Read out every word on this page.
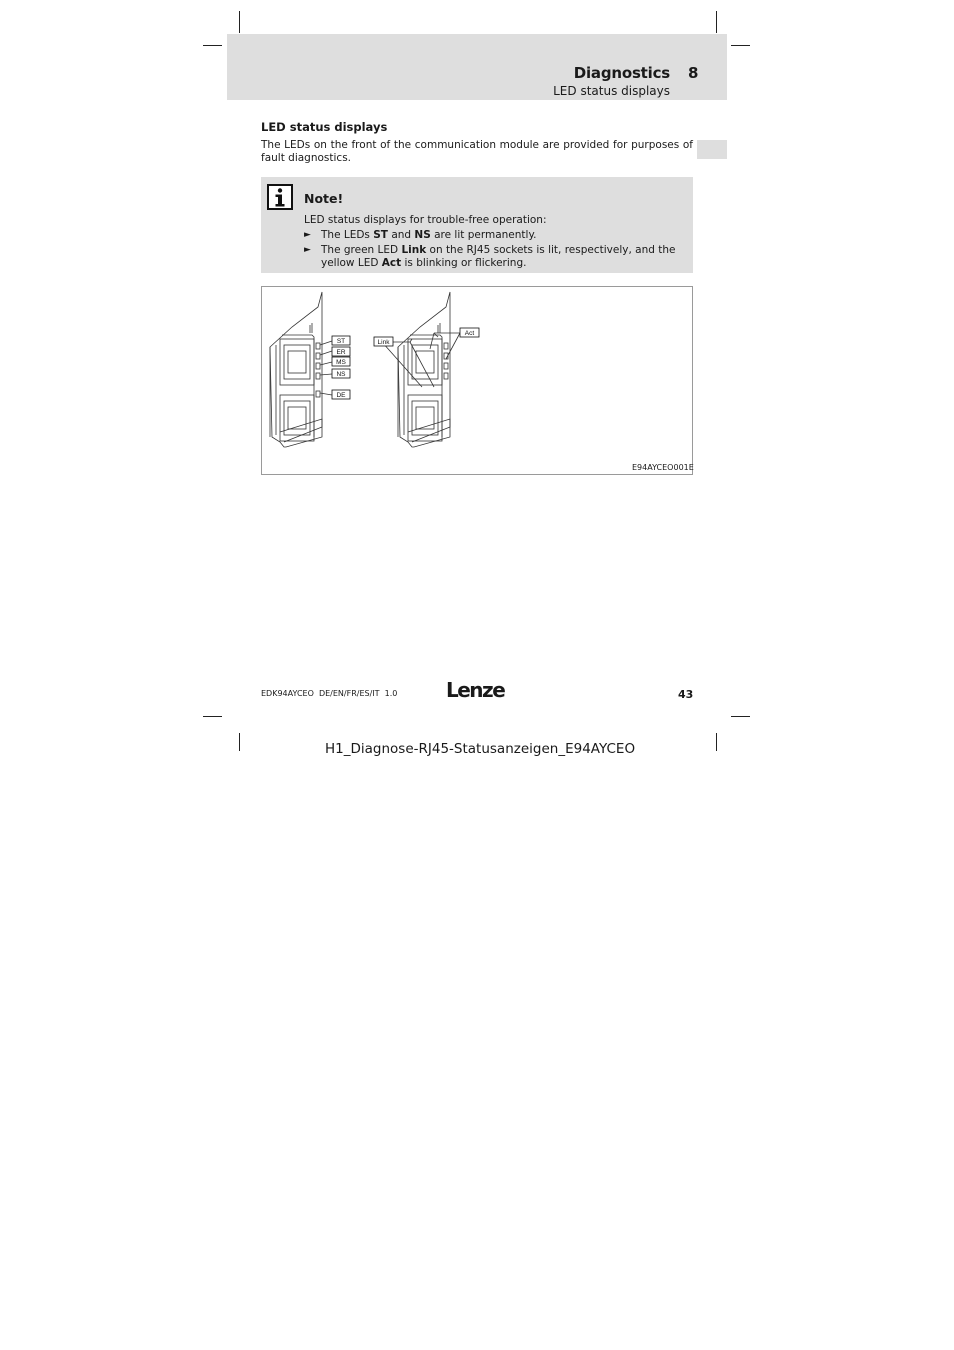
Diagnostics 8
LED status displays
LED status displays
The LEDs on the front of the communication module are provided for purposes of fault diagnostics.
Note!
LED status displays for trouble-free operation:
► The LEDs ST and NS are lit permanently.
► The green LED Link on the RJ45 sockets is lit, respectively, and the yellow LED Act is blinking or flickering.
ST
ER
MS
NS
DE
Link
Act
E94AYCEO001E
EDK94AYCEO  DE/EN/FR/ES/IT  1.0 Lenze	43
H1_Diagnose-RJ45-Statusanzeigen_E94AYCEO
